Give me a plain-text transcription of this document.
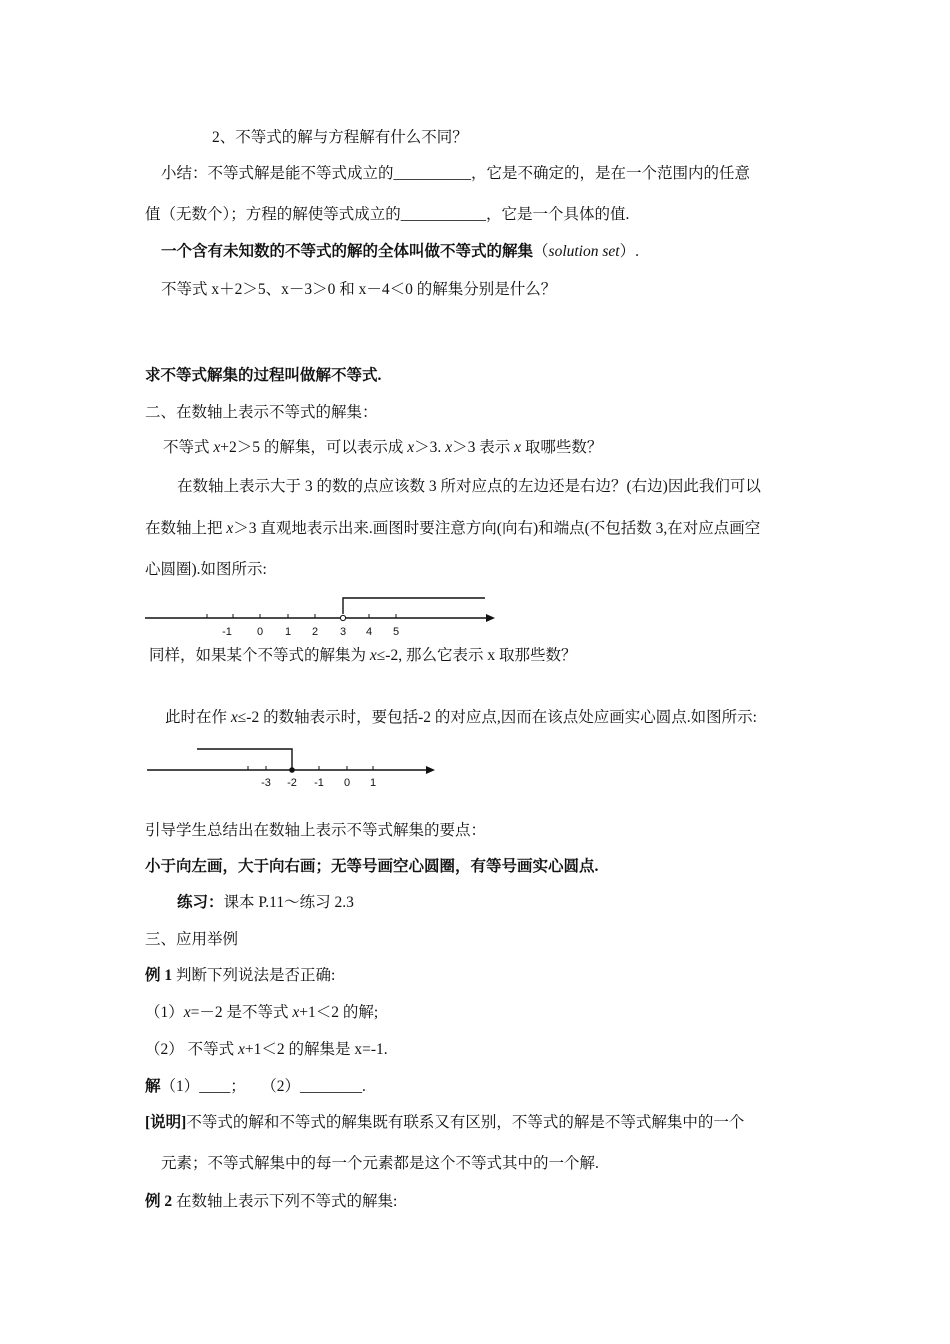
2、不等式的解与方程解有什么不同？
小结：不等式解是能不等式成立的__________，它是不确定的，是在一个范围内的任意
值（无数个）；方程的解使等式成立的___________，它是一个具体的值.
一个含有未知数的不等式的解的全体叫做不等式的解集（solution set）.
不等式 x＋2＞5、x－3＞0 和 x－4＜0 的解集分别是什么？
求不等式解集的过程叫做解不等式.
二、在数轴上表示不等式的解集：
不等式 x+2＞5 的解集，可以表示成 x＞3. x＞3 表示 x 取哪些数？
在数轴上表示大于 3 的数的点应该数 3 所对应点的左边还是右边？(右边)因此我们可以
在数轴上把 x＞3 直观地表示出来.画图时要注意方向(向右)和端点(不包括数 3,在对应点画空
心圆圈).如图所示:
-1 0 1 2 3 4 5
同样，如果某个不等式的解集为 x≤-2, 那么它表示 x 取那些数？
此时在作 x≤-2 的数轴表示时，要包括-2 的对应点,因而在该点处应画实心圆点.如图所示:
-3 -2 -1 0 1
引导学生总结出在数轴上表示不等式解集的要点：
小于向左画，大于向右画；无等号画空心圆圈，有等号画实心圆点.
练习：课本 P.11～练习 2.3
三、应用举例
例 1 判断下列说法是否正确:
（1）x=－2 是不等式 x+1＜2 的解;
（2） 不等式 x+1＜2 的解集是 x=-1.
解（1）____；　　（2）________.
[说明]不等式的解和不等式的解集既有联系又有区别，不等式的解是不等式解集中的一个
元素；不等式解集中的每一个元素都是这个不等式其中的一个解.
例 2 在数轴上表示下列不等式的解集:
